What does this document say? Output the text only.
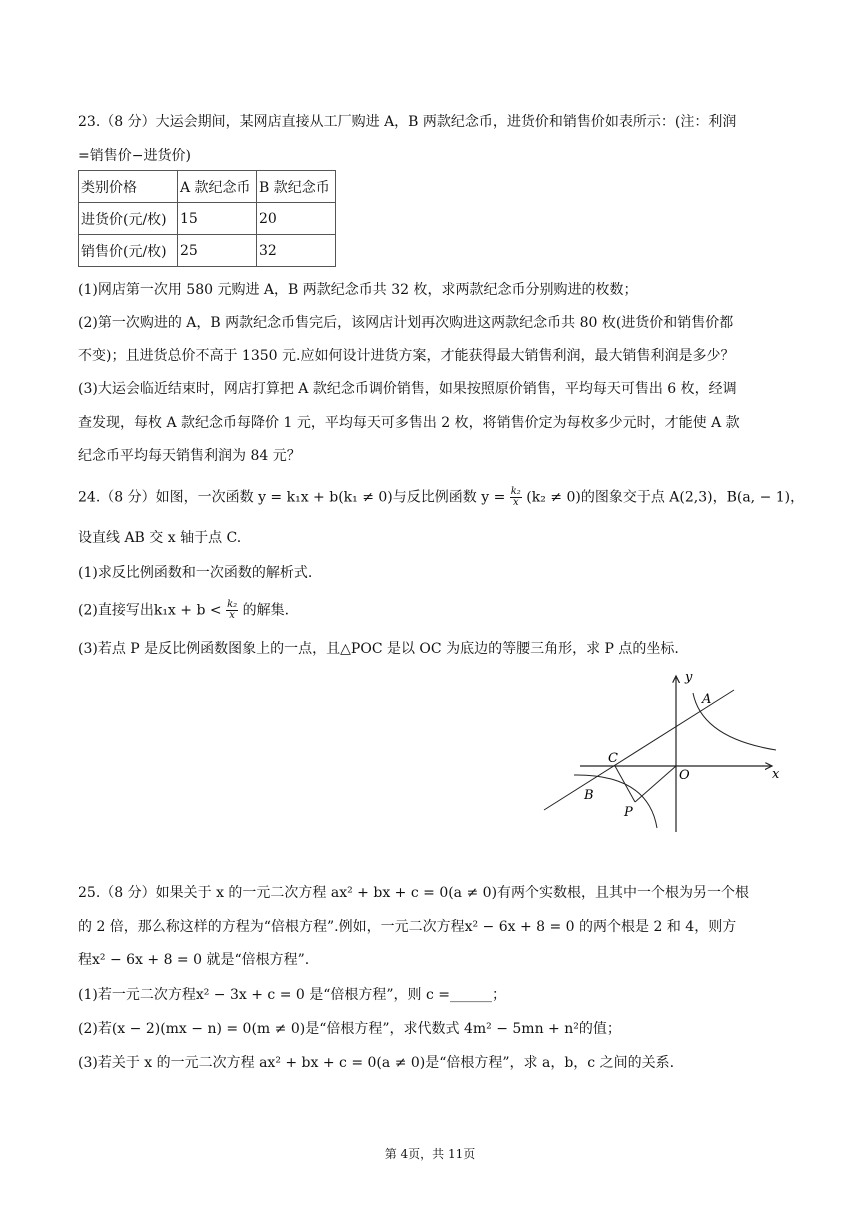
23.（8 分）大运会期间，某网店直接从工厂购进 A，B 两款纪念币，进货价和销售价如表所示：(注：利润
=销售价−进货价)
类别价格	A 款纪念币	B 款纪念币
进货价(元/枚)	15	20
销售价(元/枚)	25	32
(1)网店第一次用 580 元购进 A，B 两款纪念币共 32 枚，求两款纪念币分别购进的枚数；
(2)第一次购进的 A，B 两款纪念币售完后，该网店计划再次购进这两款纪念币共 80 枚(进货价和销售价都
不变)；且进货总价不高于 1350 元.应如何设计进货方案，才能获得最大销售利润，最大销售利润是多少？
(3)大运会临近结束时，网店打算把 A 款纪念币调价销售，如果按照原价销售，平均每天可售出 6 枚，经调
查发现，每枚 A 款纪念币每降价 1 元，平均每天可多售出 2 枚，将销售价定为每枚多少元时，才能使 A 款
纪念币平均每天销售利润为 84 元？
24.（8 分）如图，一次函数 y = k₁x + b(k₁ ≠ 0)与反比例函数 $y = \frac{\text{k₂}}{x} (k_2 \ne 0)$的图象交于点 A(2,3)，B(a, − 1)，
设直线 AB 交 x 轴于点 C.
(1)求反比例函数和一次函数的解析式.
(2)直接写出$k_1x + b < \frac{\text{k₂}}{x}$ 的解集.
(3)若点 P 是反比例函数图象上的一点，且△POC 是以 OC 为底边的等腰三角形，求 P 点的坐标.
y
x
A
B
C
O
P
25.（8 分）如果关于 x 的一元二次方程 ax² + bx + c = 0(a ≠ 0)有两个实数根，且其中一个根为另一个根
的 2 倍，那么称这样的方程为“倍根方程”.例如，一元二次方程x² − 6x + 8 = 0 的两个根是 2 和 4，则方
程x² − 6x + 8 = 0 就是“倍根方程”.
(1)若一元二次方程x² − 3x + c = 0 是“倍根方程”，则 c =______；
(2)若(x − 2)(mx − n) = 0(m ≠ 0)是“倍根方程”，求代数式 4m² − 5mn + n²的值；
(3)若关于 x 的一元二次方程 ax² + bx + c = 0(a ≠ 0)是“倍根方程”，求 a，b，c 之间的关系.
第 4页，共 11页
